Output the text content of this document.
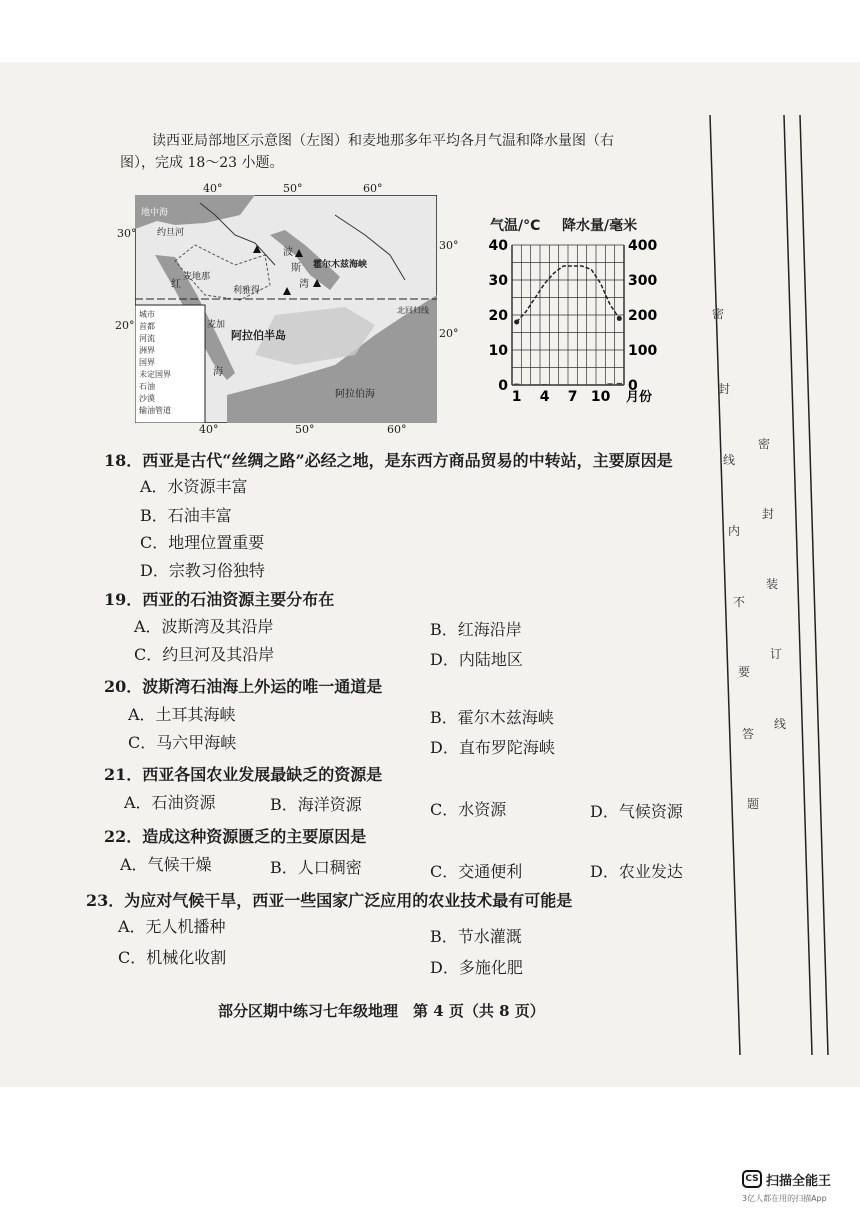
读西亚局部地区示意图（左图）和麦地那多年平均各月气温和降水量图（右
图），完成 18～23 小题。
40°	50°	60°
40°	50°	60°
30°
30°
20°
20°
地中海
约旦河
霍尔木兹海峡
麦地那
利雅得
麦加
红
海
波
斯
湾
阿拉伯半岛
阿拉伯海
北回归线
城市
首都
河流
洲界
国界
未定国界
石油
沙漠
输油管道
气温/°C 降水量/毫米
0
10
20
30
40
0
100
200
300
400
1 4 7 10 月份
18．西亚是古代“丝绸之路”必经之地，是东西方商品贸易的中转站，主要原因是
A．水资源丰富
B．石油丰富
C．地理位置重要
D．宗教习俗独特
19．西亚的石油资源主要分布在
A．波斯湾及其沿岸	B．红海沿岸
C．约旦河及其沿岸	D．内陆地区
20．波斯湾石油海上外运的唯一通道是
A．土耳其海峡	B．霍尔木兹海峡
C．马六甲海峡	D．直布罗陀海峡
21．西亚各国农业发展最缺乏的资源是
A．石油资源	B．海洋资源	C．水资源	D．气候资源
22．造成这种资源匮乏的主要原因是
A．气候干燥	B．人口稠密	C．交通便利	D．农业发达
23．为应对气候干旱，西亚一些国家广泛应用的农业技术最有可能是
A．无人机播种
B．节水灌溉
C．机械化收割
D．多施化肥
部分区期中练习七年级地理　第 4 页（共 8 页）
密
封
线
内
不
要
答
题
密
封
装
订
线
CS 扫描全能王
3亿人都在用的扫描App
